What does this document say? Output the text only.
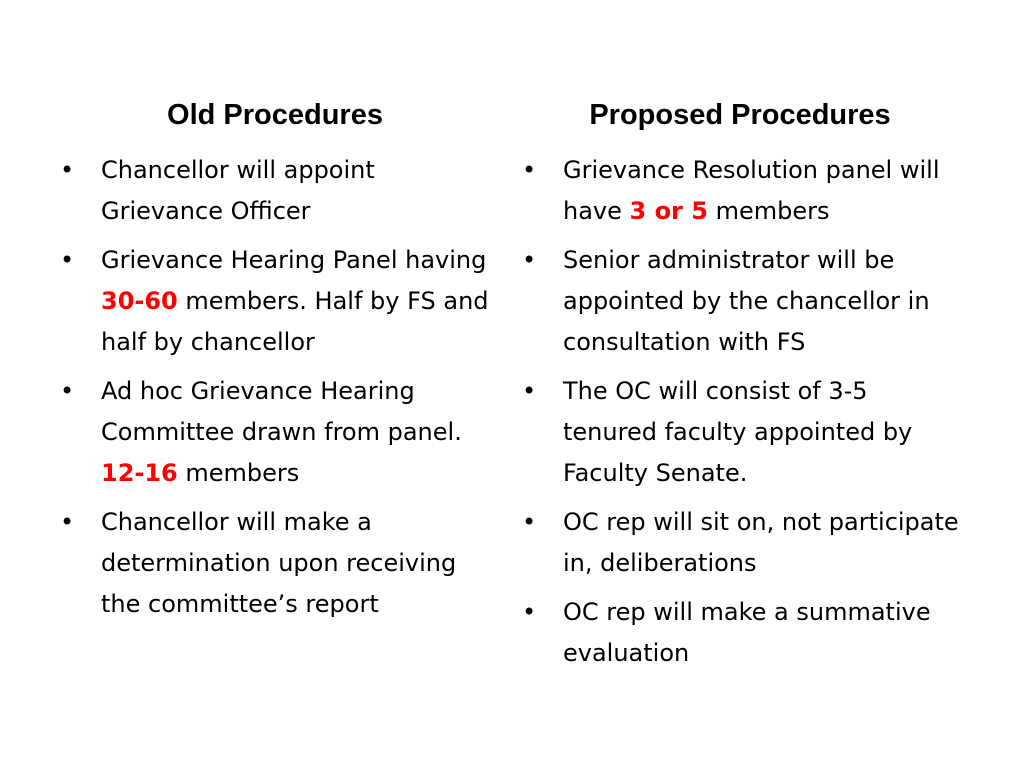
Old Procedures	Proposed Procedures
• Chancellor will appoint Grievance Officer
• Grievance Hearing Panel having 30-60 members. Half by FS and half by chancellor
• Ad hoc Grievance Hearing Committee drawn from panel. 12-16 members
• Chancellor will make a determination upon receiving the committee’s report
• Grievance Resolution panel will have 3 or 5 members
• Senior administrator will be appointed by the chancellor in consultation with FS
• The OC will consist of 3-5 tenured faculty appointed by Faculty Senate.
• OC rep will sit on, not participate in, deliberations
• OC rep will make a summative evaluation
